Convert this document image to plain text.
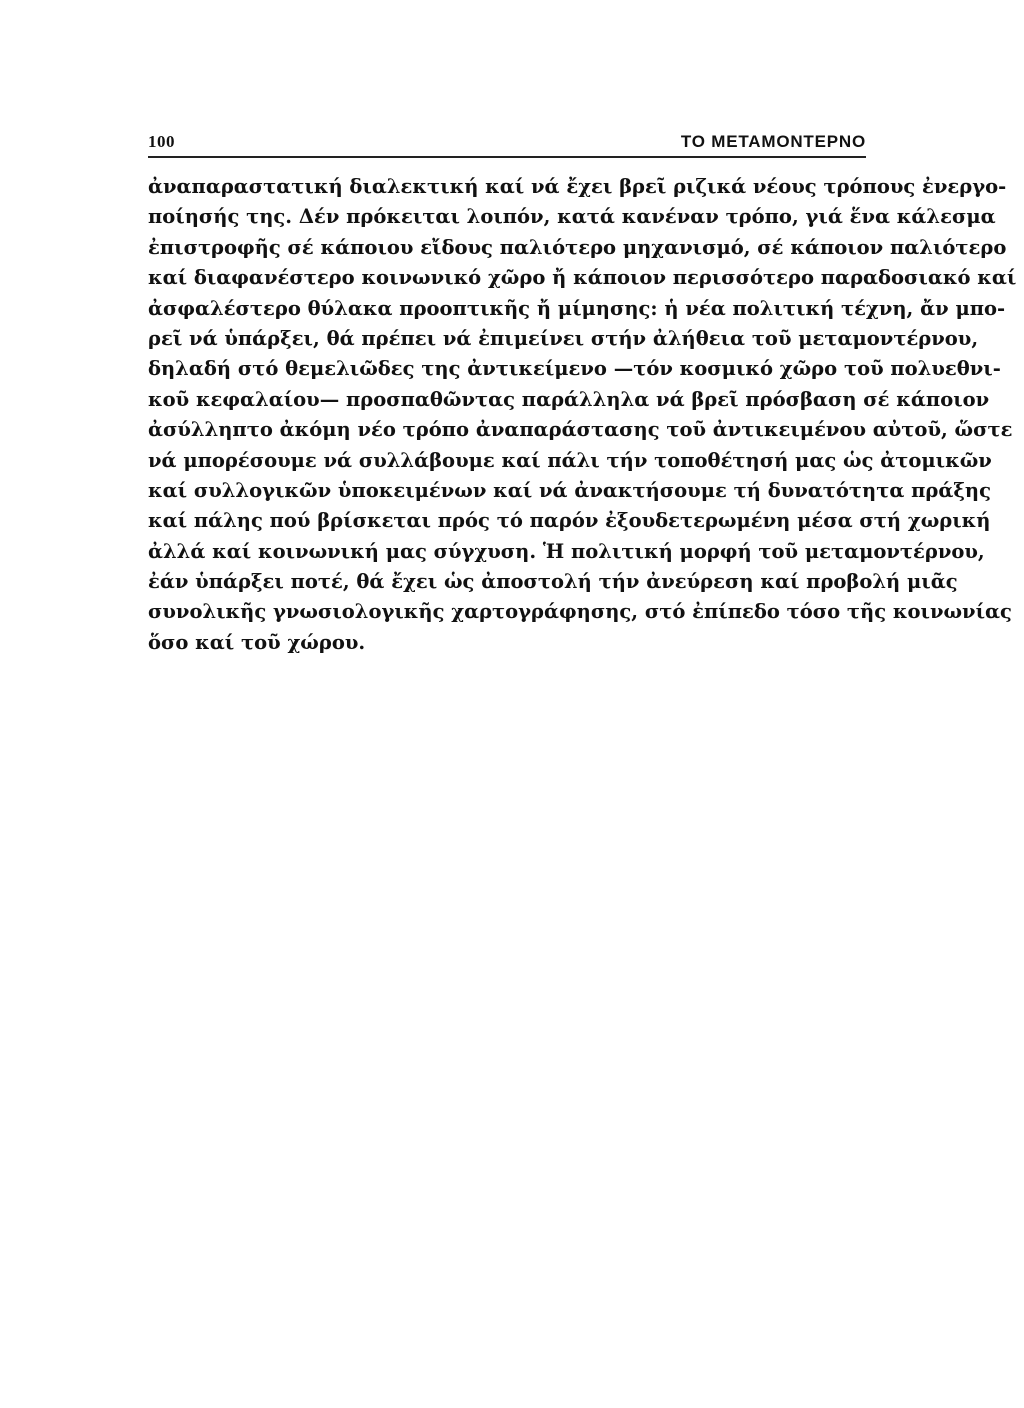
100	ΤΟ ΜΕΤΑΜΟΝΤΕΡΝΟ
ἀναπαραστατική διαλεκτική καί νά ἔχει βρεῖ ριζικά νέους τρόπους ἐνεργο-
ποίησής της. Δέν πρόκειται λοιπόν, κατά κανέναν τρόπο, γιά ἕνα κάλεσμα
ἐπιστροφῆς σέ κάποιου εἴδους παλιότερο μηχανισμό, σέ κάποιον παλιότερο
καί διαφανέστερο κοινωνικό χῶρο ἤ κάποιον περισσότερο παραδοσιακό καί
ἀσφαλέστερο θύλακα προοπτικῆς ἤ μίμησης: ἡ νέα πολιτική τέχνη, ἄν μπο-
ρεῖ νά ὑπάρξει, θά πρέπει νά ἐπιμείνει στήν ἀλήθεια τοῦ μεταμοντέρνου,
δηλαδή στό θεμελιῶδες της ἀντικείμενο —τόν κοσμικό χῶρο τοῦ πολυεθνι-
κοῦ κεφαλαίου— προσπαθῶντας παράλληλα νά βρεῖ πρόσβαση σέ κάποιον
ἀσύλληπτο ἀκόμη νέο τρόπο ἀναπαράστασης τοῦ ἀντικειμένου αὐτοῦ, ὥστε
νά μπορέσουμε νά συλλάβουμε καί πάλι τήν τοποθέτησή μας ὡς ἀτομικῶν
καί συλλογικῶν ὑποκειμένων καί νά ἀνακτήσουμε τή δυνατότητα πράξης
καί πάλης πού βρίσκεται πρός τό παρόν ἐξουδετερωμένη μέσα στή χωρική
ἀλλά καί κοινωνική μας σύγχυση. Ἡ πολιτική μορφή τοῦ μεταμοντέρνου,
ἐάν ὑπάρξει ποτέ, θά ἔχει ὡς ἀποστολή τήν ἀνεύρεση καί προβολή μιᾶς
συνολικῆς γνωσιολογικῆς χαρτογράφησης, στό ἐπίπεδο τόσο τῆς κοινωνίας
ὅσο καί τοῦ χώρου.
